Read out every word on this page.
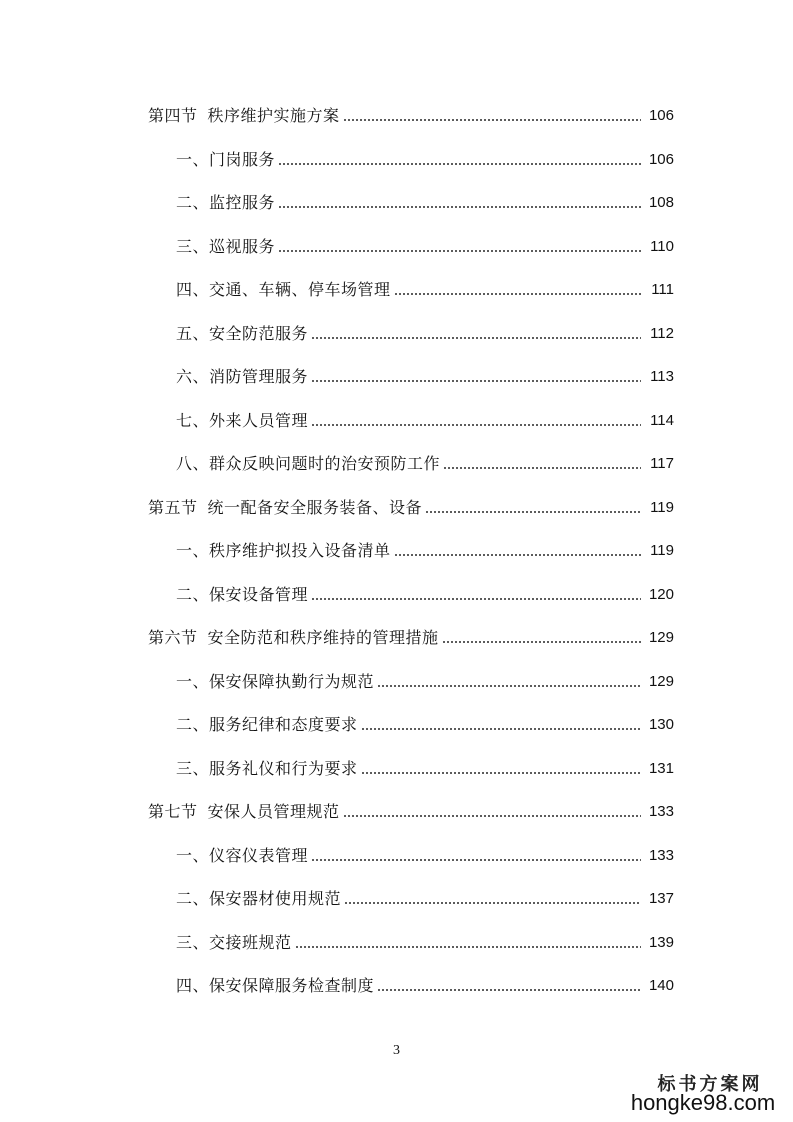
第四节 秩序维护实施方案	106
一、门岗服务	106
二、监控服务	108
三、巡视服务	110
四、交通、车辆、停车场管理	111
五、安全防范服务	112
六、消防管理服务	113
七、外来人员管理	114
八、群众反映问题时的治安预防工作	117
第五节 统一配备安全服务装备、设备	119
一、秩序维护拟投入设备清单	119
二、保安设备管理	120
第六节 安全防范和秩序维持的管理措施	129
一、保安保障执勤行为规范	129
二、服务纪律和态度要求	130
三、服务礼仪和行为要求	131
第七节 安保人员管理规范	133
一、仪容仪表管理	133
二、保安器材使用规范	137
三、交接班规范	139
四、保安保障服务检查制度	140
3
标书方案网
hongke98.com
